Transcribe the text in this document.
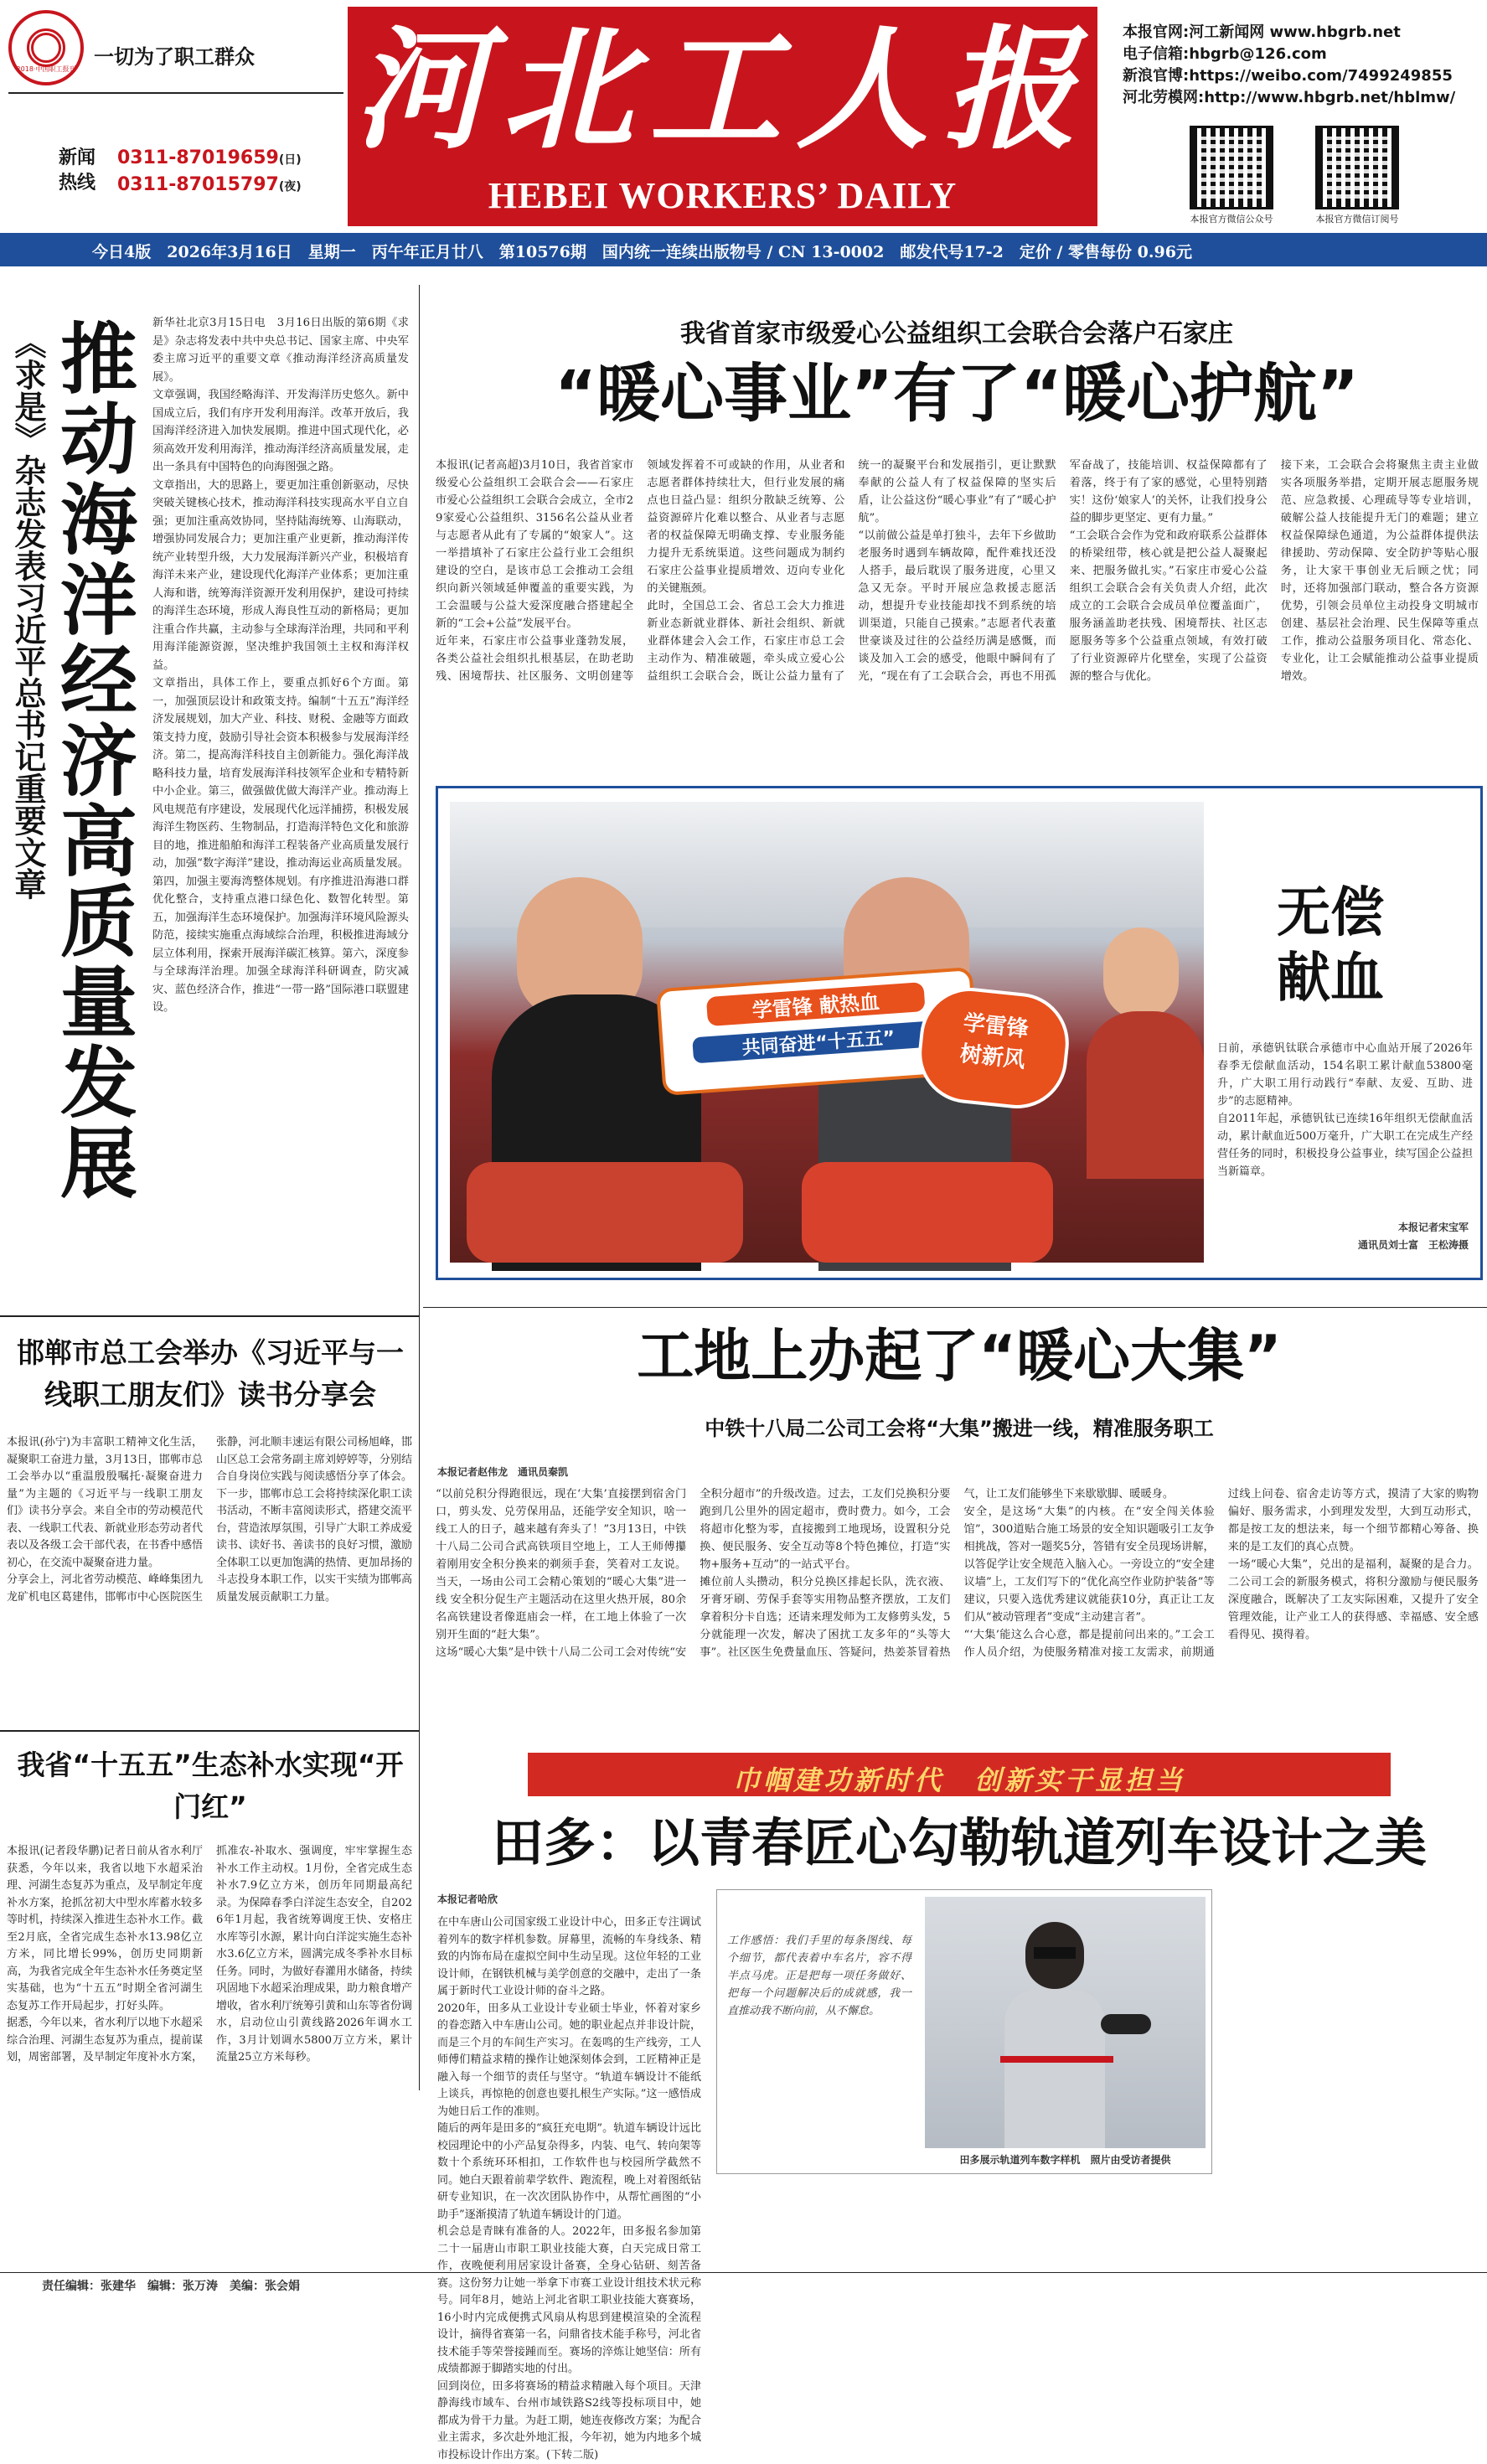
2018·中国职工报刊
一切为了职工群众
新闻
热线
0311-87019659(日)
0311-87015797(夜)
河北工人报
HEBEI WORKERS’ DAILY
本报官网:河工新闻网 www.hbgrb.net
电子信箱:hbgrb@126.com
新浪官博:https://weibo.com/7499249855
河北劳模网:http://www.hbgrb.net/hblmw/
本报官方微信公众号	本报官方微信订阅号
今日4版　2026年3月16日　星期一　丙午年正月廿八　第10576期　国内统一连续出版物号 / CN 13-0002　邮发代号17-2　定价 / 零售每份 0.96元
《求是》杂志发表习近平总书记重要文章 推动海洋经济高质量发展 新华社北京3月15日电　3月16日出版的第6期《求是》杂志将发表中共中央总书记、国家主席、中央军委主席习近平的重要文章《推动海洋经济高质量发展》。
文章强调，我国经略海洋、开发海洋历史悠久。新中国成立后，我们有序开发利用海洋。改革开放后，我国海洋经济进入加快发展期。推进中国式现代化，必须高效开发利用海洋，推动海洋经济高质量发展，走出一条具有中国特色的向海图强之路。
文章指出，大的思路上，要更加注重创新驱动，尽快突破关键核心技术，推动海洋科技实现高水平自立自强；更加注重高效协同，坚持陆海统筹、山海联动，增强协同发展合力；更加注重产业更新，推动海洋传统产业转型升级，大力发展海洋新兴产业，积极培育海洋未来产业，建设现代化海洋产业体系；更加注重人海和谐，统筹海洋资源开发利用保护，建设可持续的海洋生态环境，形成人海良性互动的新格局；更加注重合作共赢，主动参与全球海洋治理，共同和平利用海洋能源资源，坚决维护我国领土主权和海洋权益。
文章指出，具体工作上，要重点抓好6个方面。第一，加强顶层设计和政策支持。编制“十五五”海洋经济发展规划，加大产业、科技、财税、金融等方面政策支持力度，鼓励引导社会资本积极参与发展海洋经济。第二，提高海洋科技自主创新能力。强化海洋战略科技力量，培育发展海洋科技领军企业和专精特新中小企业。第三，做强做优做大海洋产业。推动海上风电规范有序建设，发展现代化远洋捕捞，积极发展海洋生物医药、生物制品，打造海洋特色文化和旅游目的地，推进船舶和海洋工程装备产业高质量发展行动，加强“数字海洋”建设，推动海运业高质量发展。第四，加强主要海湾整体规划。有序推进沿海港口群优化整合，支持重点港口绿色化、数智化转型。第五，加强海洋生态环境保护。加强海洋环境风险源头防范，接续实施重点海域综合治理，积极推进海域分层立体利用，探索开展海洋碳汇核算。第六，深度参与全球海洋治理。加强全球海洋科研调查，防灾减灾、蓝色经济合作，推进“一带一路”国际港口联盟建设。
我省首家市级爱心公益组织工会联合会落户石家庄
“暖心事业”有了“暖心护航”
本报讯(记者高超)3月10日，我省首家市级爱心公益组织工会联合会——石家庄市爱心公益组织工会联合会成立，全市29家爱心公益组织、3156名公益从业者与志愿者从此有了专属的“娘家人”。这一举措填补了石家庄公益行业工会组织建设的空白，是该市总工会推动工会组织向新兴领域延伸覆盖的重要实践，为工会温暖与公益大爱深度融合搭建起全新的“工会+公益”发展平台。
近年来，石家庄市公益事业蓬勃发展，各类公益社会组织扎根基层，在助老助残、困境帮扶、社区服务、文明创建等领域发挥着不可或缺的作用，从业者和志愿者群体持续壮大，但行业发展的痛点也日益凸显：组织分散缺乏统筹、公益资源碎片化难以整合、从业者与志愿者的权益保障无明确支撑、专业服务能力提升无系统渠道。这些问题成为制约石家庄公益事业提质增效、迈向专业化的关键瓶颈。
此时，全国总工会、省总工会大力推进新业态新就业群体、新社会组织、新就业群体建会入会工作，石家庄市总工会主动作为、精准破题，牵头成立爱心公益组织工会联合会，既让公益力量有了统一的凝聚平台和发展指引，更让默默奉献的公益人有了权益保障的坚实后盾，让公益这份“暖心事业”有了“暖心护航”。
“以前做公益是单打独斗，去年下乡做助老服务时遇到车辆故障，配件难找还没人搭手，最后耽误了服务进度，心里又急又无奈。平时开展应急救援志愿活动，想提升专业技能却找不到系统的培训渠道，只能自己摸索。”志愿者代表董世豪谈及过往的公益经历满是感慨，而谈及加入工会的感受，他眼中瞬间有了光，“现在有了工会联合会，再也不用孤军奋战了，技能培训、权益保障都有了着落，终于有了家的感觉，心里特别踏实！这份‘娘家人’的关怀，让我们投身公益的脚步更坚定、更有力量。”
“工会联合会作为党和政府联系公益群体的桥梁纽带，核心就是把公益人凝聚起来、把服务做扎实。”石家庄市爱心公益组织工会联合会有关负责人介绍，此次成立的工会联合会成员单位覆盖面广，服务涵盖助老扶残、困境帮扶、社区志愿服务等多个公益重点领域，有效打破了行业资源碎片化壁垒，实现了公益资源的整合与优化。
接下来，工会联合会将聚焦主责主业做实各项服务举措，定期开展志愿服务规范、应急救援、心理疏导等专业培训，破解公益人技能提升无门的难题；建立权益保障绿色通道，为公益群体提供法律援助、劳动保障、安全防护等贴心服务，让大家干事创业无后顾之忧；同时，还将加强部门联动，整合各方资源优势，引领会员单位主动投身文明城市创建、基层社会治理、民生保障等重点工作，推动公益服务项目化、常态化、专业化，让工会赋能推动公益事业提质增效。
学雷锋 献热血
共同奋进“十五五”
学雷锋
树新风
无偿献血
日前，承德钒钛联合承德市中心血站开展了2026年春季无偿献血活动，154名职工累计献血53800毫升，广大职工用行动践行“奉献、友爱、互助、进步”的志愿精神。
自2011年起，承德钒钛已连续16年组织无偿献血活动，累计献血近500万毫升，广大职工在完成生产经营任务的同时，积极投身公益事业，续写国企公益担当新篇章。
本报记者宋宝军
通讯员刘士富　王松涛摄
邯郸市总工会举办《习近平与一线职工朋友们》读书分享会
本报讯(孙宁)为丰富职工精神文化生活，凝聚职工奋进力量，3月13日，邯郸市总工会举办以“重温殷殷嘱托·凝聚奋进力量”为主题的《习近平与一线职工朋友们》读书分享会。来自全市的劳动模范代表、一线职工代表、新就业形态劳动者代表以及各级工会干部代表，在书香中感悟初心，在交流中凝聚奋进力量。
分享会上，河北省劳动模范、峰峰集团九龙矿机电区葛建伟，邯郸市中心医院医生张静，河北顺丰速运有限公司杨旭峰，邯山区总工会常务副主席刘婷婷等，分别结合自身岗位实践与阅读感悟分享了体会。
下一步，邯郸市总工会将持续深化职工读书活动，不断丰富阅读形式，搭建交流平台，营造浓厚氛围，引导广大职工养成爱读书、读好书、善读书的良好习惯，激励全体职工以更加饱满的热情、更加昂扬的斗志投身本职工作，以实干实绩为邯郸高质量发展贡献职工力量。
我省“十五五”生态补水实现“开门红”
本报讯(记者段华鹏)记者日前从省水利厅获悉，今年以来，我省以地下水超采治理、河湖生态复苏为重点，及早制定年度补水方案，抢抓岔初大中型水库蓄水较多等时机，持续深入推进生态补水工作。截至2月底，全省完成生态补水13.98亿立方米，同比增长99%，创历史同期新高，为我省完成全年生态补水任务奠定坚实基础，也为“十五五”时期全省河湖生态复苏工作开局起步，打好头阵。
据悉，今年以来，省水利厅以地下水超采综合治理、河湖生态复苏为重点，提前谋划，周密部署，及早制定年度补水方案，抓准农-补取水、强调度，牢牢掌握生态补水工作主动权。1月份，全省完成生态补水7.9亿立方米，创历年同期最高纪录。为保障春季白洋淀生态安全，自2026年1月起，我省统筹调度王快、安格庄水库等引水源，累计向白洋淀实施生态补水3.6亿立方米，圆满完成冬季补水目标任务。同时，为做好春灌用水储备，持续巩固地下水超采治理成果，助力粮食增产增收，省水利厅统筹引黄和山东等省份调水，启动位山引黄线路2026年调水工作，3月计划调水5800万立方米，累计流量25立方米每秒。
工地上办起了“暖心大集”
中铁十八局二公司工会将“大集”搬进一线，精准服务职工
本报记者赵伟龙　通讯员秦凯
“以前兑积分得跑很远，现在‘大集’直接摆到宿舍门口，剪头发、兑劳保用品，还能学安全知识，啥一线工人的日子，越来越有奔头了！”3月13日，中铁十八局二公司合武高铁项目空地上，工人王师傅攥着刚用安全积分换来的剃须手套，笑着对工友说。当天，一场由公司工会精心策划的“暖心大集”进一线 安全积分促生产主题活动在这里火热开展，80余名高铁建设者像逛庙会一样，在工地上体验了一次别开生面的“赶大集”。
这场“暖心大集”是中铁十八局二公司工会对传统“安全积分超市”的升级改造。过去，工友们兑换积分要跑到几公里外的固定超市，费时费力。如今，工会将超市化整为零，直接搬到工地现场，设置积分兑换、便民服务、安全互动等8个特色摊位，打造“实物+服务+互动”的一站式平台。
摊位前人头攒动，积分兑换区排起长队，洗衣液、牙膏牙刷、劳保手套等实用物品整齐摆放，工友们拿着积分卡自选；还请来理发师为工友修剪头发，5分就能理一次发，解决了困扰工友多年的“头等大事”。社区医生免费量血压、答疑问，热姜茶冒着热气，让工友们能够坐下来歇歇脚、暖暖身。
安全，是这场“大集”的内核。在“安全闯关体验馆”，300道贴合施工场景的安全知识题吸引工友争相挑战，答对一题奖5分，答错有安全员现场讲解，以答促学让安全规范入脑入心。一旁设立的“安全建议墙”上，工友们写下的“优化高空作业防护装备”等建议，只要入选优秀建议就能获10分，真正让工友们从“被动管理者”变成“主动建言者”。
“‘大集’能这么合心意，都是提前问出来的。”工会工作人员介绍，为使服务精准对接工友需求，前期通过线上问卷、宿舍走访等方式，摸清了大家的购物偏好、服务需求，小到理发发型，大到互动形式，都是按工友的想法来，每一个细节都精心筹备、换来的是工友们的真心点赞。
一场“暖心大集”，兑出的是福利，凝聚的是合力。二公司工会的新服务模式，将积分激励与便民服务深度融合，既解决了工友实际困难，又提升了安全管理效能，让产业工人的获得感、幸福感、安全感看得见、摸得着。
巾帼建功新时代　创新实干显担当
田多：以青春匠心勾勒轨道列车设计之美
本报记者哈欣
在中车唐山公司国家级工业设计中心，田多正专注调试着列车的数字样机参数。屏幕里，流畅的车身线条、精致的内饰布局在虚拟空间中生动呈现。这位年轻的工业设计师，在钢铁机械与美学创意的交融中，走出了一条属于新时代工业设计师的奋斗之路。
2020年，田多从工业设计专业硕士毕业，怀着对家乡的眷恋踏入中车唐山公司。她的职业起点并非设计院，而是三个月的车间生产实习。在轰鸣的生产线旁，工人师傅们精益求精的操作让她深刻体会到，工匠精神正是融入每一个细节的责任与坚守。“轨道车辆设计不能纸上谈兵，再惊艳的创意也要扎根生产实际。”这一感悟成为她日后工作的准则。
随后的两年是田多的“疯狂充电期”。轨道车辆设计远比校园理论中的小产品复杂得多，内装、电气、转向架等数十个系统环环相扣，工作软件也与校园所学截然不同。她白天跟着前辈学软件、跑流程，晚上对着图纸钻研专业知识，在一次次团队协作中，从帮忙画图的“小助手”逐渐摸清了轨道车辆设计的门道。
机会总是青睐有准备的人。2022年，田多报名参加第二十一届唐山市职工职业技能大赛，白天完成日常工作，夜晚便利用居家设计备赛，全身心钻研、刻苦备赛。这份努力让她一举拿下市赛工业设计组技术状元称号。同年8月，她站上河北省职工职业技能大赛赛场，16小时内完成便携式风扇从构思到建模渲染的全流程设计，摘得省赛第一名，问鼎省技术能手称号，河北省技术能手等荣誉接踵而至。赛场的淬炼让她坚信：所有成绩都源于脚踏实地的付出。
回到岗位，田多将赛场的精益求精融入每个项目。天津静海线市域车、台州市域铁路S2线等投标项目中，她都成为骨干力量。为赶工期，她连夜修改方案；为配合业主需求，多次赴外地汇报，今年初，她为内地多个城市投标设计作出方案。(下转二版)
工作感悟：我们手里的每条图线、每个细节，都代表着中车名片，容不得半点马虎。正是把每一项任务做好、把每一个问题解决后的成就感，我一直推动我不断向前，从不懈怠。
田多展示轨道列车数字样机　照片由受访者提供
责任编辑：张建华　编辑：张万涛　美编：张会娟
